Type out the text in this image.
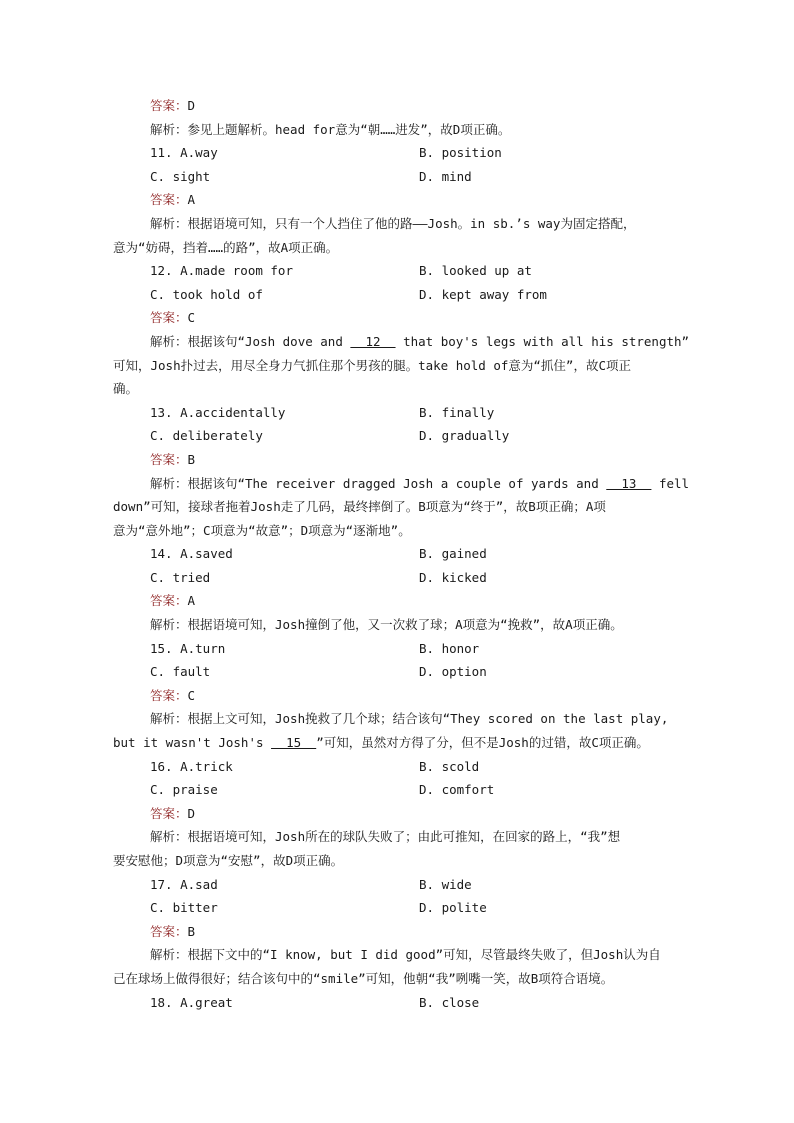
答案：D
解析：参见上题解析。head for意为“朝……进发”，故D项正确。
11. A.way	B. position
C. sight	D. mind
答案：A
解析：根据语境可知，只有一个人挡住了他的路——Josh。in sb.’s way为固定搭配，
意为“妨碍，挡着……的路”，故A项正确。
12. A.made room for	B. looked up at
C. took hold of	D. kept away from
答案：C
解析：根据该句“Josh dove and   12   that boy's legs with all his strength”
可知，Josh扑过去，用尽全身力气抓住那个男孩的腿。take hold of意为“抓住”，故C项正
确。
13. A.accidentally	B. finally
C. deliberately	D. gradually
答案：B
解析：根据该句“The receiver dragged Josh a couple of yards and   13   fell
down”可知，接球者拖着Josh走了几码，最终摔倒了。B项意为“终于”，故B项正确；A项
意为“意外地”；C项意为“故意”；D项意为“逐渐地”。
14. A.saved	B. gained
C. tried	D. kicked
答案：A
解析：根据语境可知，Josh撞倒了他，又一次救了球；A项意为“挽救”，故A项正确。
15. A.turn	B. honor
C. fault	D. option
答案：C
解析：根据上文可知，Josh挽救了几个球；结合该句“They scored on the last play,
but it wasn't Josh's   15  ”可知，虽然对方得了分，但不是Josh的过错，故C项正确。
16. A.trick	B. scold
C. praise	D. comfort
答案：D
解析：根据语境可知，Josh所在的球队失败了；由此可推知，在回家的路上，“我”想
要安慰他；D项意为“安慰”，故D项正确。
17. A.sad	B. wide
C. bitter	D. polite
答案：B
解析：根据下文中的“I know, but I did good”可知，尽管最终失败了，但Josh认为自
己在球场上做得很好；结合该句中的“smile”可知，他朝“我”咧嘴一笑，故B项符合语境。
18. A.great	B. close
